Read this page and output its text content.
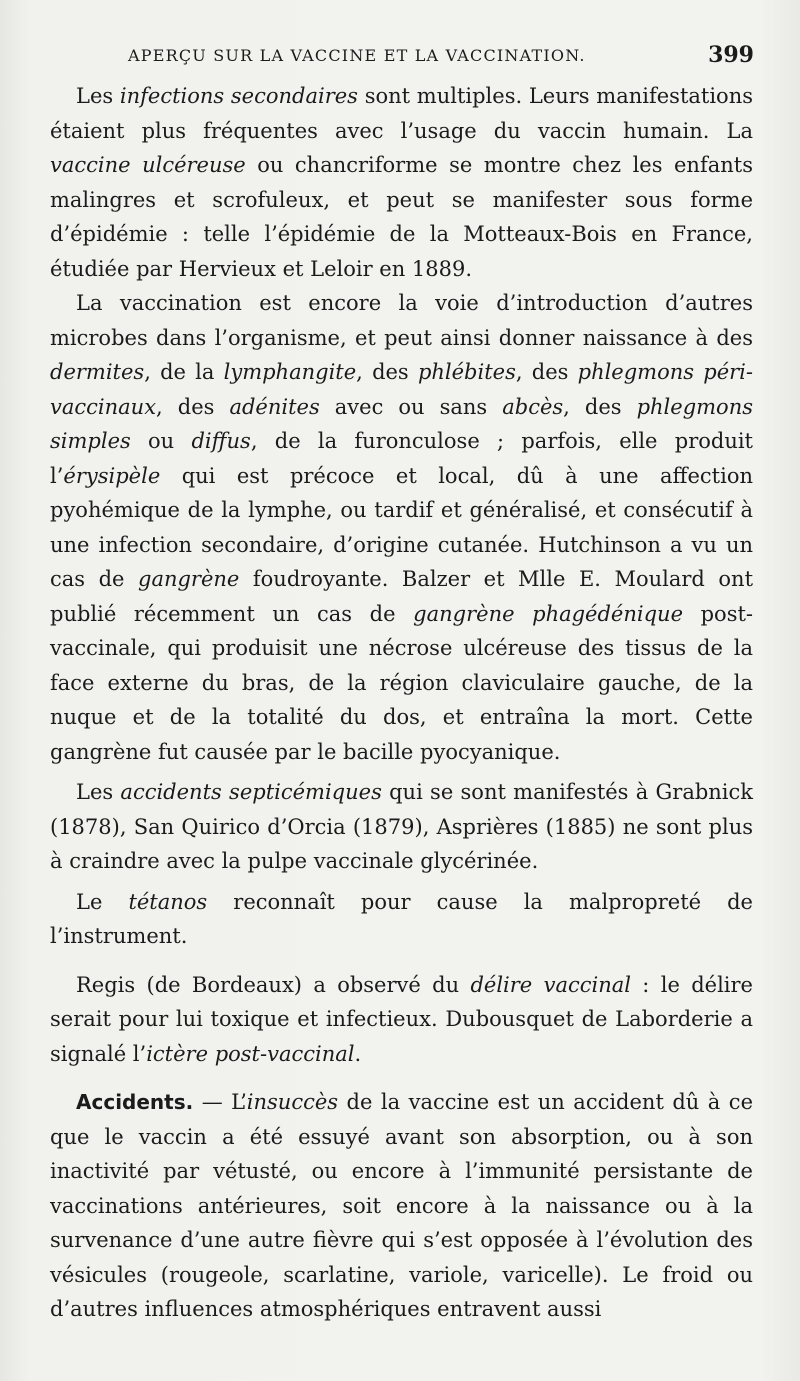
APERÇU SUR LA VACCINE ET LA VACCINATION.	399

Les infections secondaires sont multiples. Leurs manifestations étaient plus fréquentes avec l’usage du vaccin humain. La vaccine ulcéreuse ou chancriforme se montre chez les enfants malingres et scrofuleux, et peut se manifester sous forme d’épidémie : telle l’épidémie de la Motteaux-Bois en France, étudiée par Hervieux et Leloir en 1889.

La vaccination est encore la voie d’introduction d’autres microbes dans l’organisme, et peut ainsi donner naissance à des dermites, de la lymphangite, des phlébites, des phlegmons péri-vaccinaux, des adénites avec ou sans abcès, des phlegmons simples ou diffus, de la furonculose ; parfois, elle produit l’érysipèle qui est précoce et local, dû à une affection pyohémique de la lymphe, ou tardif et généralisé, et consécutif à une infection secondaire, d’origine cutanée. Hutchinson a vu un cas de gangrène foudroyante. Balzer et Mlle E. Moulard ont publié récemment un cas de gangrène phagédénique post-vaccinale, qui produisit une nécrose ulcéreuse des tissus de la face externe du bras, de la région claviculaire gauche, de la nuque et de la totalité du dos, et entraîna la mort. Cette gangrène fut causée par le bacille pyocyanique.

Les accidents septicémiques qui se sont manifestés à Grabnick (1878), San Quirico d’Orcia (1879), Asprières (1885) ne sont plus à craindre avec la pulpe vaccinale glycérinée.

Le tétanos reconnaît pour cause la malpropreté de l’instrument.

Regis (de Bordeaux) a observé du délire vaccinal : le délire serait pour lui toxique et infectieux. Dubousquet de Laborderie a signalé l’ictère post-vaccinal.

Accidents. — L’insuccès de la vaccine est un accident dû à ce que le vaccin a été essuyé avant son absorption, ou à son inactivité par vétusté, ou encore à l’immunité persistante de vaccinations antérieures, soit encore à la naissance ou à la survenance d’une autre fièvre qui s’est opposée à l’évolution des vésicules (rougeole, scarlatine, variole, varicelle). Le froid ou d’autres influences atmosphériques entravent aussi
